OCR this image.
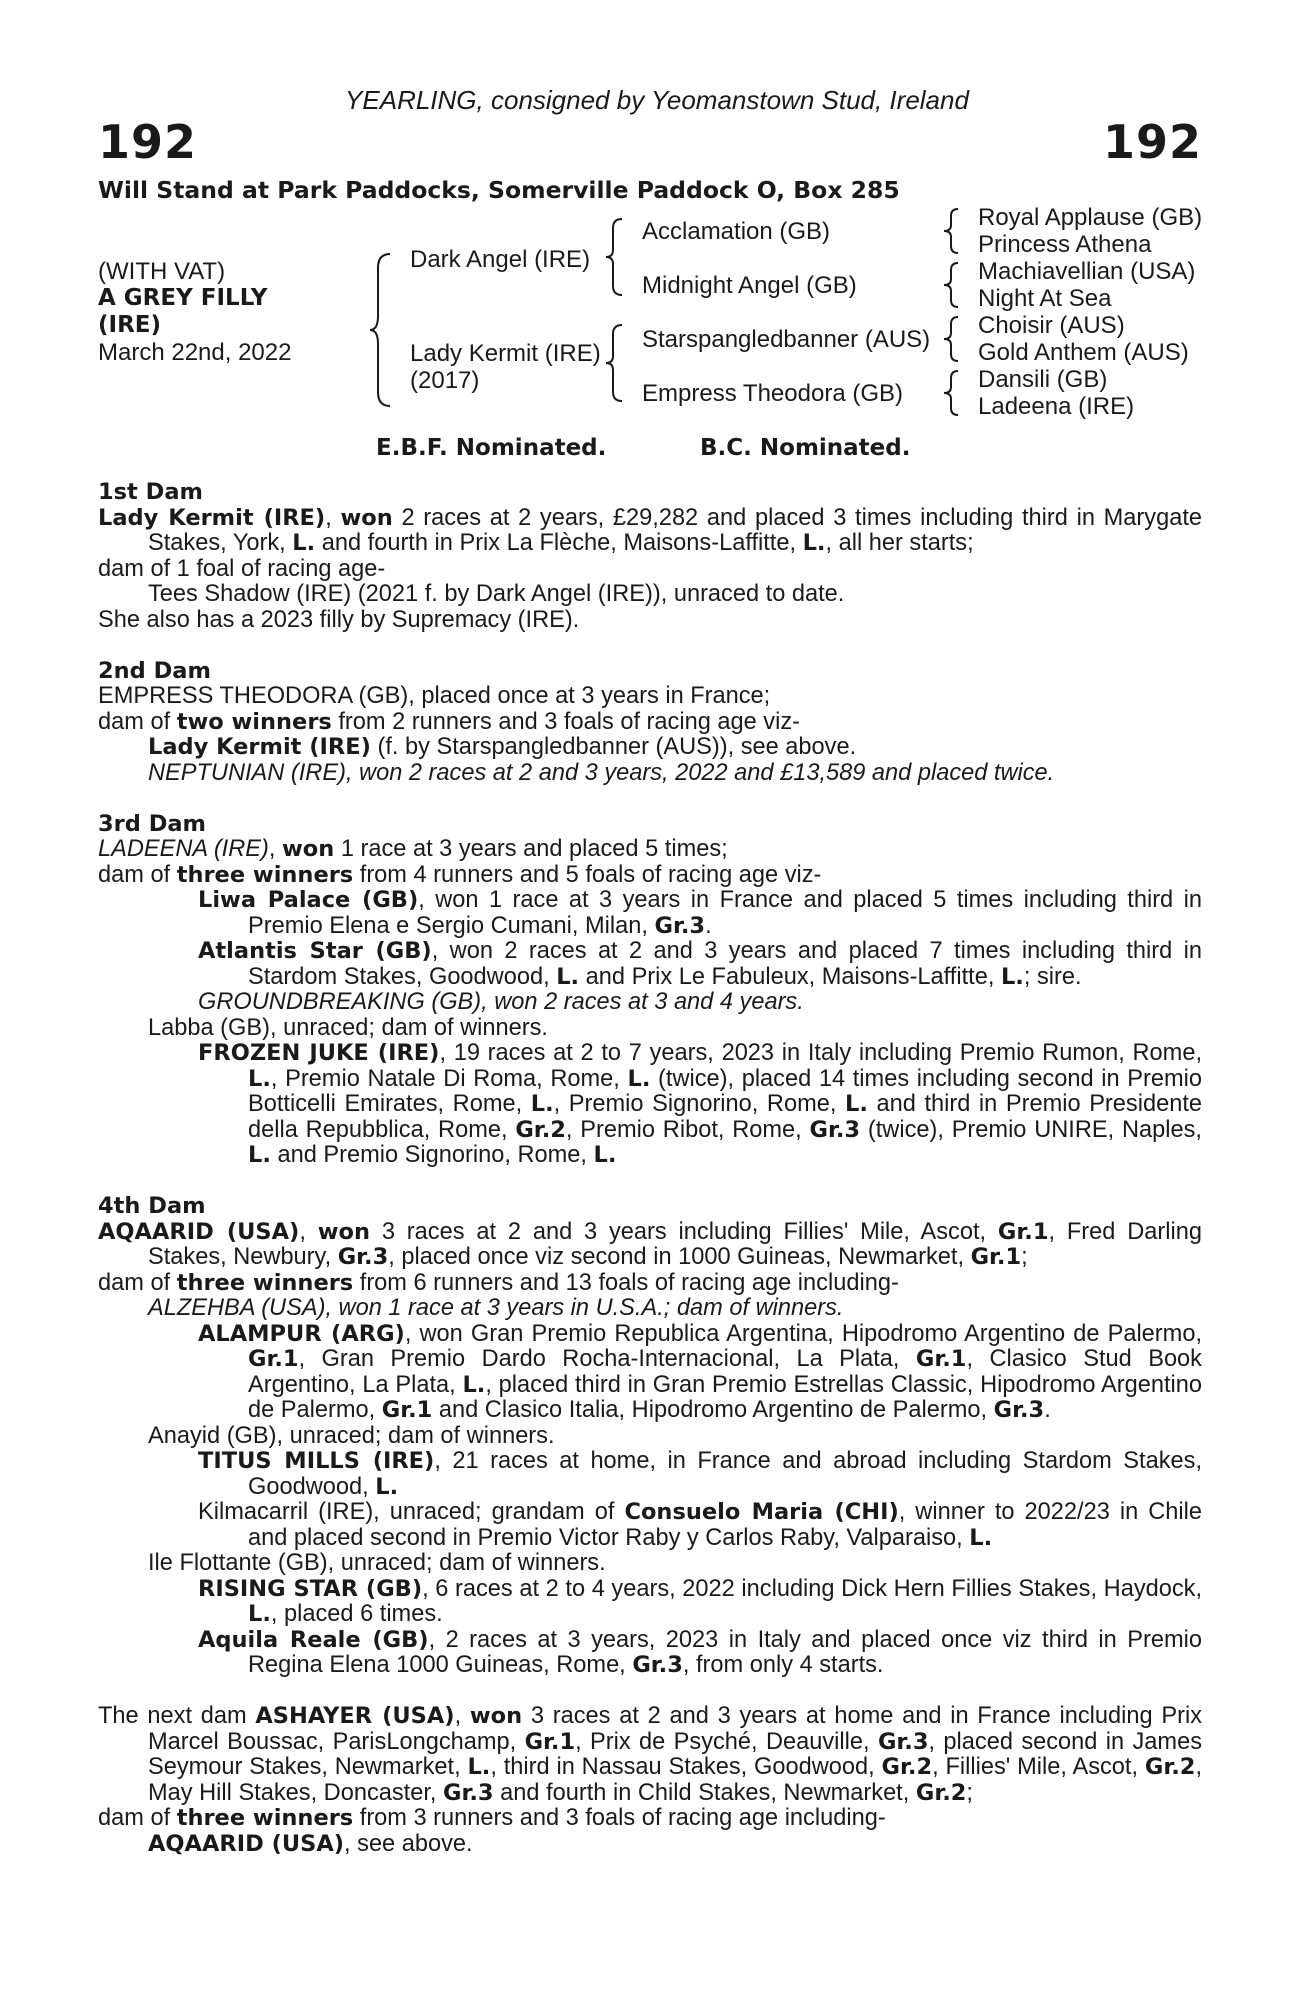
YEARLING, consigned by Yeomanstown Stud, Ireland
192	192
Will Stand at Park Paddocks, Somerville Paddock O, Box 285
(WITH VAT)
A GREY FILLY
(IRE)
March 22nd, 2022
Dark Angel (IRE)
Lady Kermit (IRE)
(2017)
Acclamation (GB)
Midnight Angel (GB)
Starspangledbanner (AUS)
Empress Theodora (GB)
Royal Applause (GB)
Princess Athena
Machiavellian (USA)
Night At Sea
Choisir (AUS)
Gold Anthem (AUS)
Dansili (GB)
Ladeena (IRE)
E.B.F. Nominated.	B.C. Nominated.
1st Dam

Lady Kermit (IRE), won 2 races at 2 years, £29,282 and placed 3 times including third in Marygate Stakes, York, L. and fourth in Prix La Flèche, Maisons-Laffitte, L., all her starts;

dam of 1 foal of racing age-

Tees Shadow (IRE) (2021 f. by Dark Angel (IRE)), unraced to date.

She also has a 2023 filly by Supremacy (IRE).

2nd Dam

EMPRESS THEODORA (GB), placed once at 3 years in France;

dam of two winners from 2 runners and 3 foals of racing age viz-

Lady Kermit (IRE) (f. by Starspangledbanner (AUS)), see above.

NEPTUNIAN (IRE), won 2 races at 2 and 3 years, 2022 and £13,589 and placed twice.

3rd Dam

LADEENA (IRE), won 1 race at 3 years and placed 5 times;

dam of three winners from 4 runners and 5 foals of racing age viz-

Liwa Palace (GB), won 1 race at 3 years in France and placed 5 times including third in Premio Elena e Sergio Cumani, Milan, Gr.3.

Atlantis Star (GB), won 2 races at 2 and 3 years and placed 7 times including third in Stardom Stakes, Goodwood, L. and Prix Le Fabuleux, Maisons-Laffitte, L.; sire.

GROUNDBREAKING (GB), won 2 races at 3 and 4 years.

Labba (GB), unraced; dam of winners.

FROZEN JUKE (IRE), 19 races at 2 to 7 years, 2023 in Italy including Premio Rumon, Rome, L., Premio Natale Di Roma, Rome, L. (twice), placed 14 times including second in Premio Botticelli Emirates, Rome, L., Premio Signorino, Rome, L. and third in Premio Presidente della Repubblica, Rome, Gr.2, Premio Ribot, Rome, Gr.3 (twice), Premio UNIRE, Naples, L. and Premio Signorino, Rome, L.

4th Dam

AQAARID (USA), won 3 races at 2 and 3 years including Fillies' Mile, Ascot, Gr.1, Fred Darling Stakes, Newbury, Gr.3, placed once viz second in 1000 Guineas, Newmarket, Gr.1;

dam of three winners from 6 runners and 13 foals of racing age including-

ALZEHBA (USA), won 1 race at 3 years in U.S.A.; dam of winners.

ALAMPUR (ARG), won Gran Premio Republica Argentina, Hipodromo Argentino de Palermo, Gr.1, Gran Premio Dardo Rocha-Internacional, La Plata, Gr.1, Clasico Stud Book Argentino, La Plata, L., placed third in Gran Premio Estrellas Classic, Hipodromo Argentino de Palermo, Gr.1 and Clasico Italia, Hipodromo Argentino de Palermo, Gr.3.

Anayid (GB), unraced; dam of winners.

TITUS MILLS (IRE), 21 races at home, in France and abroad including Stardom Stakes, Goodwood, L.

Kilmacarril (IRE), unraced; grandam of Consuelo Maria (CHI), winner to 2022/23 in Chile and placed second in Premio Victor Raby y Carlos Raby, Valparaiso, L.

Ile Flottante (GB), unraced; dam of winners.

RISING STAR (GB), 6 races at 2 to 4 years, 2022 including Dick Hern Fillies Stakes, Haydock, L., placed 6 times.

Aquila Reale (GB), 2 races at 3 years, 2023 in Italy and placed once viz third in Premio Regina Elena 1000 Guineas, Rome, Gr.3, from only 4 starts.

The next dam ASHAYER (USA), won 3 races at 2 and 3 years at home and in France including Prix Marcel Boussac, ParisLongchamp, Gr.1, Prix de Psyché, Deauville, Gr.3, placed second in James Seymour Stakes, Newmarket, L., third in Nassau Stakes, Goodwood, Gr.2, Fillies' Mile, Ascot, Gr.2, May Hill Stakes, Doncaster, Gr.3 and fourth in Child Stakes, Newmarket, Gr.2;

dam of three winners from 3 runners and 3 foals of racing age including-

AQAARID (USA), see above.
